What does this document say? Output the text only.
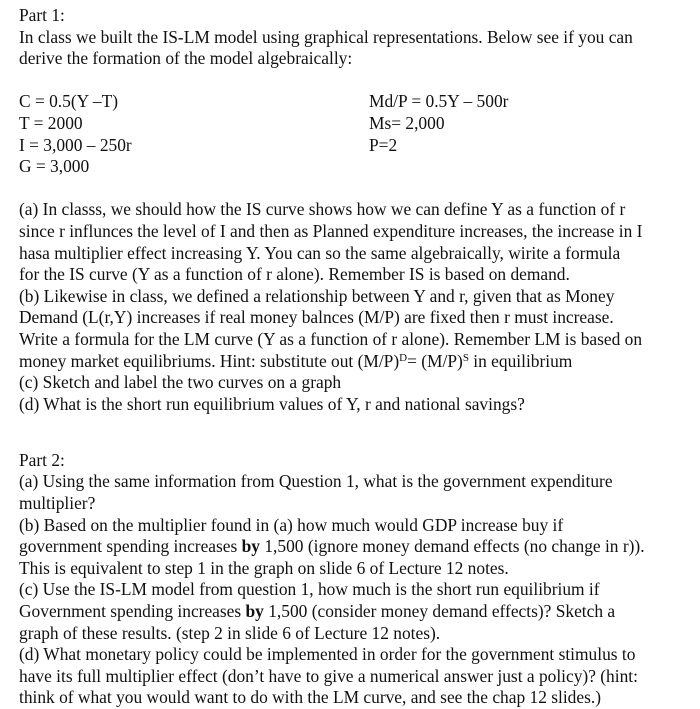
Part 1:
In class we built the IS-LM model using graphical representations. Below see if you can
derive the formation of the model algebraically:
C = 0.5(Y –T)
T = 2000
I = 3,000 – 250r
G = 3,000
Md/P = 0.5Y – 500r
Ms= 2,000
P=2
(a) In classs, we should how the IS curve shows how we can define Y as a function of r
since r influnces the level of I and then as Planned expenditure increases, the increase in I
hasa multiplier effect increasing Y. You can so the same algebraically, wirite a formula
for the IS curve (Y as a function of r alone). Remember IS is based on demand.
(b) Likewise in class, we defined a relationship between Y and r, given that as Money
Demand (L(r,Y) increases if real money balnces (M/P) are fixed then r must increase.
Write a formula for the LM curve (Y as a function of r alone). Remember LM is based on
money market equilibriums. Hint: substitute out $(M/P)^D= (M/P)^S$ in equilibrium
(c) Sketch and label the two curves on a graph
(d) What is the short run equilibrium values of Y, r and national savings?
Part 2:
(a) Using the same information from Question 1, what is the government expenditure
multiplier?
(b) Based on the multiplier found in (a) how much would GDP increase buy if
government spending increases by 1,500 (ignore money demand effects (no change in r)).
This is equivalent to step 1 in the graph on slide 6 of Lecture 12 notes.
(c) Use the IS-LM model from question 1, how much is the short run equilibrium if
Government spending increases by 1,500 (consider money demand effects)? Sketch a
graph of these results. (step 2 in slide 6 of Lecture 12 notes).
(d) What monetary policy could be implemented in order for the government stimulus to
have its full multiplier effect (don’t have to give a numerical answer just a policy)? (hint:
think of what you would want to do with the LM curve, and see the chap 12 slides.)
